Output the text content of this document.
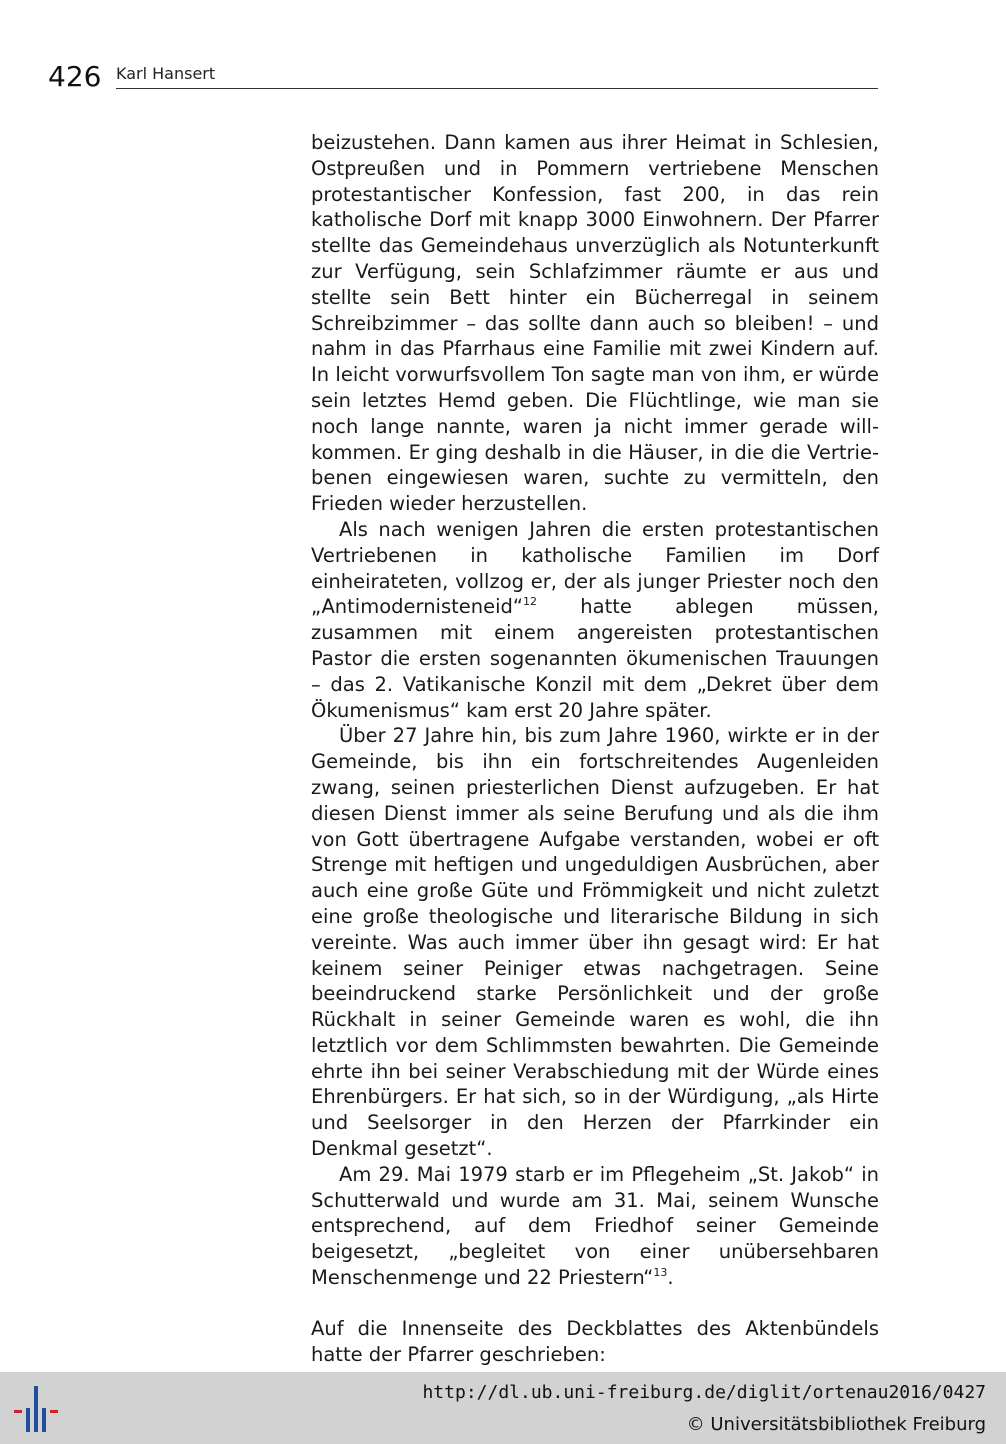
426 Karl Hansert

beizustehen. Dann kamen aus ihrer Heimat in Schlesien, Ostpreußen und in Pommern vertriebene Menschen protestantischer Konfession, fast 200, in das rein katholische Dorf mit knapp 3000 Einwohnern. Der Pfarrer stellte das Gemeindehaus unverzüglich als Notunterkunft zur Verfügung, sein Schlafzimmer räumte er aus und stellte sein Bett hinter ein Bücherregal in seinem Schreibzimmer – das sollte dann auch so bleiben! – und nahm in das Pfarrhaus eine Familie mit zwei Kindern auf. In leicht vorwurfsvollem Ton sagte man von ihm, er würde sein letztes Hemd geben. Die Flüchtlinge, wie man sie noch lange nannte, waren ja nicht immer gerade willkommen. Er ging deshalb in die Häuser, in die die Vertriebenen eingewiesen waren, suchte zu vermitteln, den Frieden wieder herzustellen.

Als nach wenigen Jahren die ersten protestantischen Vertriebenen in katholische Familien im Dorf einheirateten, vollzog er, der als junger Priester noch den „Antimodernisteneid“$^{12}$ hatte ablegen müssen, zusammen mit einem angereisten protestantischen Pastor die ersten sogenannten ökumenischen Trauungen – das 2. Vatikanische Konzil mit dem „Dekret über dem Ökumenismus“ kam erst 20 Jahre später.

Über 27 Jahre hin, bis zum Jahre 1960, wirkte er in der Gemeinde, bis ihn ein fortschreitendes Augenleiden zwang, seinen priesterlichen Dienst aufzugeben. Er hat diesen Dienst immer als seine Berufung und als die ihm von Gott übertragene Aufgabe verstanden, wobei er oft Strenge mit heftigen und ungeduldigen Ausbrüchen, aber auch eine große Güte und Frömmigkeit und nicht zuletzt eine große theologische und literarische Bildung in sich vereinte. Was auch immer über ihn gesagt wird: Er hat keinem seiner Peiniger etwas nachgetragen. Seine beeindruckend starke Persönlichkeit und der große Rückhalt in seiner Gemeinde waren es wohl, die ihn letztlich vor dem Schlimmsten bewahrten. Die Gemeinde ehrte ihn bei seiner Verabschiedung mit der Würde eines Ehrenbürgers. Er hat sich, so in der Würdigung, „als Hirte und Seelsorger in den Herzen der Pfarrkinder ein Denkmal gesetzt“.

Am 29. Mai 1979 starb er im Pflegeheim „St. Jakob“ in Schutterwald und wurde am 31. Mai, seinem Wunsche entsprechend, auf dem Friedhof seiner Gemeinde beigesetzt, „begleitet von einer unübersehbaren Menschenmenge und 22 Priestern“$^{13}$.

Auf die Innenseite des Deckblattes des Aktenbündels hatte der Pfarrer geschrieben:

http://dl.ub.uni-freiburg.de/diglit/ortenau2016/0427
© Universitätsbibliothek Freiburg
